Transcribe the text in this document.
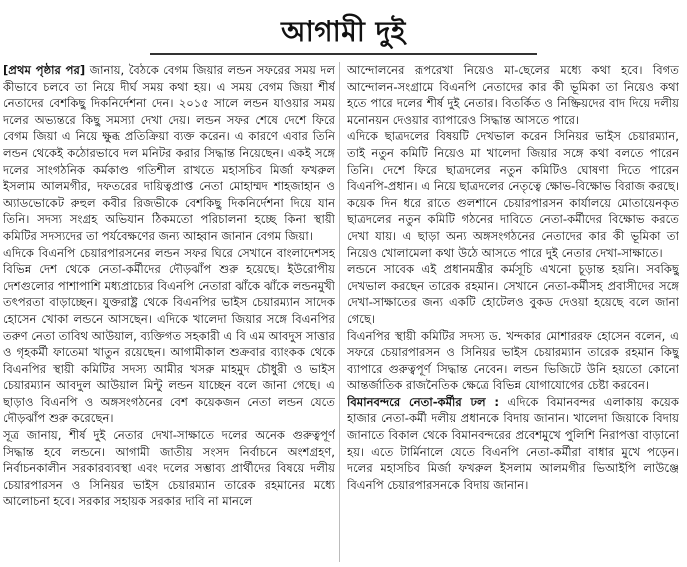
আগামী দুই

[প্রথম পৃষ্ঠার পর] জানায়, বৈঠকে বেগম জিয়ার লন্ডন সফরের সময় দল কীভাবে চলবে তা নিয়ে দীর্ঘ সময় কথা হয়। এ সময় বেগম জিয়া শীর্ষ নেতাদের বেশকিছু দিকনির্দেশনা দেন। ২০১৫ সালে লন্ডন যাওয়ার সময় দলের অভ্যন্তরে কিছু সমস্যা দেখা দেয়। লন্ডন সফর শেষে দেশে ফিরে বেগম জিয়া এ নিয়ে ক্ষুব্ধ প্রতিক্রিয়া ব্যক্ত করেন। এ কারণে এবার তিনি লন্ডন থেকেই কঠোরভাবে দল মনিটর করার সিদ্ধান্ত নিয়েছেন। একই সঙ্গে দলের সাংগঠনিক কর্মকাণ্ড গতিশীল রাখতে মহাসচিব মির্জা ফখরুল ইসলাম আলমগীর, দফতরের দায়িত্বপ্রাপ্ত নেতা মোহাম্মদ শাহজাহান ও অ্যাডভোকেট রুহুল কবীর রিজভীকে বেশকিছু দিকনির্দেশনা দিয়ে যান তিনি। সদস্য সংগ্রহ অভিযান ঠিকমতো পরিচালনা হচ্ছে কিনা স্থায়ী কমিটির সদস্যদের তা পর্যবেক্ষণের জন্য আহ্বান জানান বেগম জিয়া।

এদিকে বিএনপি চেয়ারপারসনের লন্ডন সফর ঘিরে সেখানে বাংলাদেশসহ বিভিন্ন দেশ থেকে নেতা-কর্মীদের দৌড়ঝাঁপ শুরু হয়েছে। ইউরোপীয় দেশগুলোর পাশাপাশি মধ্যপ্রাচ্যের বিএনপি নেতারা ঝাঁকে ঝাঁকে লন্ডনমুখী তৎপরতা বাড়াচ্ছেন। যুক্তরাষ্ট্র থেকে বিএনপির ভাইস চেয়ারম্যান সাদেক হোসেন খোকা লন্ডনে আসছেন। এদিকে খালেদা জিয়ার সঙ্গে বিএনপির তরুণ নেতা তাবিথ আউয়াল, ব্যক্তিগত সহকারী এ বি এম আবদুস সাত্তার ও গৃহকর্মী ফাতেমা খাতুন রয়েছেন। আগামীকাল শুক্রবার ব্যাংকক থেকে বিএনপির স্থায়ী কমিটির সদস্য আমীর খসরু মাহমুদ চৌধুরী ও ভাইস চেয়ারম্যান আবদুল আউয়াল মিন্টু লন্ডন যাচ্ছেন বলে জানা গেছে। এ ছাড়াও বিএনপি ও অঙ্গসংগঠনের বেশ কয়েকজন নেতা লন্ডন যেতে দৌড়ঝাঁপ শুরু করেছেন।

সূত্র জানায়, শীর্ষ দুই নেতার দেখা-সাক্ষাতে দলের অনেক গুরুত্বপূর্ণ সিদ্ধান্ত হবে লন্ডনে। আগামী জাতীয় সংসদ নির্বাচনে অংশগ্রহণ, নির্বাচনকালীন সরকারব্যবস্থা এবং দলের সম্ভাব্য প্রার্থীদের বিষয়ে দলীয় চেয়ারপারসন ও সিনিয়র ভাইস চেয়ারম্যান তারেক রহমানের মধ্যে আলোচনা হবে। সরকার সহায়ক সরকার দাবি না মানলে

আন্দোলনের রূপরেখা নিয়েও মা-ছেলের মধ্যে কথা হবে। বিগত আন্দোলন-সংগ্রামে বিএনপি নেতাদের কার কী ভূমিকা তা নিয়েও কথা হতে পারে দলের শীর্ষ দুই নেতার। বিতর্কিত ও নিষ্ক্রিয়দের বাদ দিয়ে দলীয় মনোনয়ন দেওয়ার ব্যাপারেও সিদ্ধান্ত আসতে পারে।

এদিকে ছাত্রদলের বিষয়টি দেখভাল করেন সিনিয়র ভাইস চেয়ারম্যান, তাই নতুন কমিটি নিয়েও মা খালেদা জিয়ার সঙ্গে কথা বলতে পারেন তিনি। দেশে ফিরে ছাত্রদলের নতুন কমিটিও ঘোষণা দিতে পারেন বিএনপি-প্রধান। এ নিয়ে ছাত্রদলের নেতৃত্বে ক্ষোভ-বিক্ষোভ বিরাজ করছে। কয়েক দিন ধরে রাতে গুলশানে চেয়ারপারসন কার্যালয়ে মোতায়েনকৃত ছাত্রদলের নতুন কমিটি গঠনের দাবিতে নেতা-কর্মীদের বিক্ষোভ করতে দেখা যায়। এ ছাড়া অন্য অঙ্গসংগঠনের নেতাদের কার কী ভূমিকা তা নিয়েও খোলামেলা কথা উঠে আসতে পারে দুই নেতার দেখা-সাক্ষাতে।

লন্ডনে সাবেক এই প্রধানমন্ত্রীর কর্মসূচি এখনো চূড়ান্ত হয়নি। সবকিছু দেখভাল করছেন তারেক রহমান। সেখানে নেতা-কর্মীসহ প্রবাসীদের সঙ্গে দেখা-সাক্ষাতের জন্য একটি হোটেলও বুকড দেওয়া হয়েছে বলে জানা গেছে।

বিএনপির স্থায়ী কমিটির সদস্য ড. খন্দকার মোশাররফ হোসেন বলেন, এ সফরে চেয়ারপারসন ও সিনিয়র ভাইস চেয়ারম্যান তারেক রহমান কিছু ব্যাপারে গুরুত্বপূর্ণ সিদ্ধান্ত নেবেন। লন্ডন ভিজিটে উনি হয়তো কোনো আন্তর্জাতিক রাজনৈতিক ক্ষেত্রে বিভিন্ন যোগাযোগের চেষ্টা করবেন।

বিমানবন্দরে নেতা-কর্মীর ঢল : এদিকে বিমানবন্দর এলাকায় কয়েক হাজার নেতা-কর্মী দলীয় প্রধানকে বিদায় জানান। খালেদা জিয়াকে বিদায় জানাতে বিকাল থেকে বিমানবন্দরের প্রবেশমুখে পুলিশি নিরাপত্তা বাড়ানো হয়। এতে টার্মিনালে যেতে বিএনপি নেতা-কর্মীরা বাধার মুখে পড়েন। দলের মহাসচিব মির্জা ফখরুল ইসলাম আলমগীর ভিআইপি লাউঞ্জে বিএনপি চেয়ারপারসনকে বিদায় জানান।
